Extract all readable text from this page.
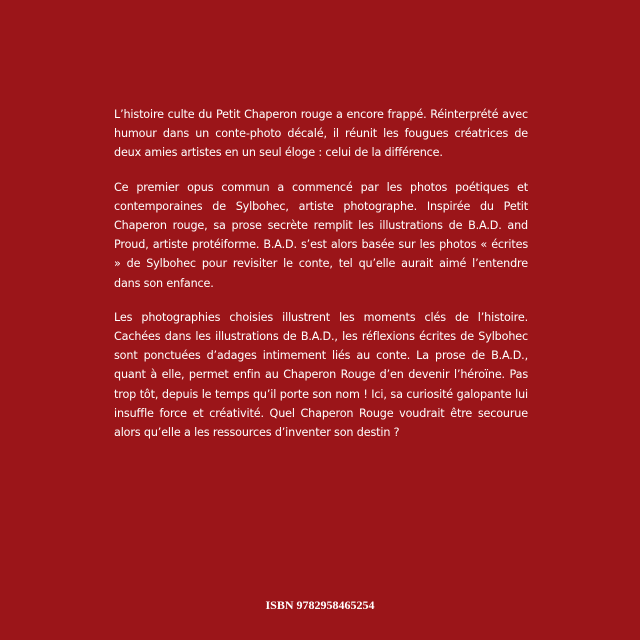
L’histoire culte du Petit Chaperon rouge a encore frappé. Réinterprété avec humour dans un conte-photo décalé, il réunit les fougues créatrices de deux amies artistes en un seul éloge : celui de la différence.

Ce premier opus commun a commencé par les photos poétiques et contemporaines de Sylbohec, artiste photographe. Inspirée du Petit Chaperon rouge, sa prose secrète remplit les illustrations de B.A.D. and Proud, artiste protéiforme. B.A.D. s’est alors basée sur les photos « écrites » de Sylbohec pour revisiter le conte, tel qu’elle aurait aimé l’entendre dans son enfance.

Les photographies choisies illustrent les moments clés de l’histoire. Cachées dans les illustrations de B.A.D., les réflexions écrites de Sylbohec sont ponctuées d’adages intimement liés au conte. La prose de B.A.D., quant à elle, permet enfin au Chaperon Rouge d’en devenir l’héroïne. Pas trop tôt, depuis le temps qu’il porte son nom ! Ici, sa curiosité galopante lui insuffle force et créativité. Quel Chaperon Rouge voudrait être secourue alors qu’elle a les ressources d’inventer son destin ?

ISBN 9782958465254
